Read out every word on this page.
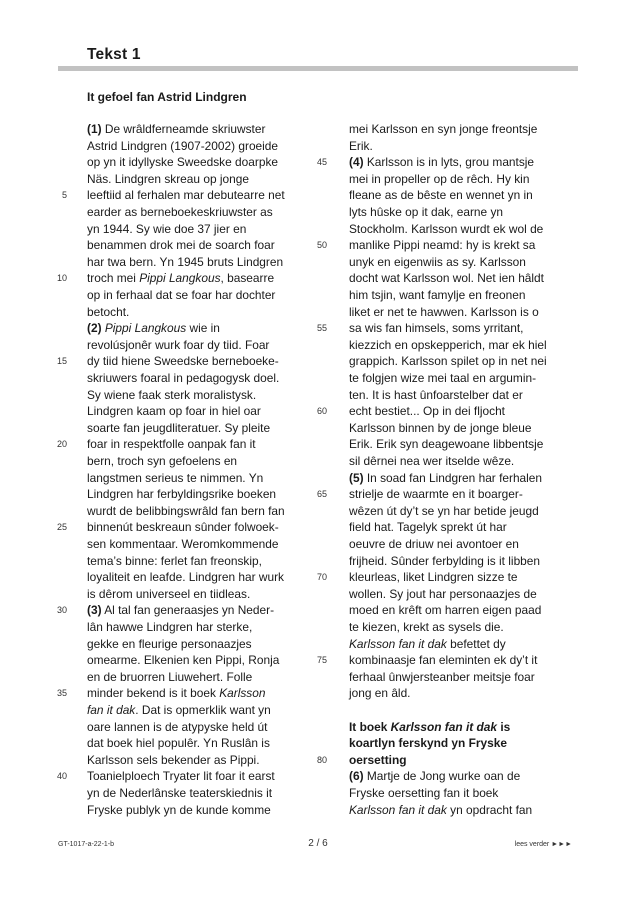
Tekst 1
It gefoel fan Astrid Lindgren
(1) De wrâldferneamde skriuwster
Astrid Lindgren (1907-2002) groeide
op yn it idyllyske Sweedske doarpke
Näs. Lindgren skreau op jonge
5 leeftiid al ferhalen mar debutearre net
earder as berneboekeskriuwster as
yn 1944. Sy wie doe 37 jier en
benammen drok mei de soarch foar
har twa bern. Yn 1945 bruts Lindgren
10 troch mei Pippi Langkous, basearre
op in ferhaal dat se foar har dochter
betocht.
(2) Pippi Langkous wie in
revolúsjonêr wurk foar dy tiid. Foar
15 dy tiid hiene Sweedske berneboeke-
skriuwers foaral in pedagogysk doel.
Sy wiene faak sterk moralistysk.
Lindgren kaam op foar in hiel oar
soarte fan jeugdliteratuer. Sy pleite
20 foar in respektfolle oanpak fan it
bern, troch syn gefoelens en
langstmen serieus te nimmen. Yn
Lindgren har ferbyldingsrike boeken
wurdt de belibbingswrâld fan bern fan
25 binnenút beskreaun sûnder folwoek-
sen kommentaar. Weromkommende
tema’s binne: ferlet fan freonskip,
loyaliteit en leafde. Lindgren har wurk
is dêrom universeel en tiidleas.
30 (3) Al tal fan generaasjes yn Neder-
lân hawwe Lindgren har sterke,
gekke en fleurige personaazjes
omearme. Elkenien ken Pippi, Ronja
en de bruorren Liuwehert. Folle
35 minder bekend is it boek Karlsson
fan it dak. Dat is opmerklik want yn
oare lannen is de atypyske held út
dat boek hiel populêr. Yn Ruslân is
Karlsson sels bekender as Pippi.
40 Toanielploech Tryater lit foar it earst
yn de Nederlânske teaterskiednis it
Fryske publyk yn de kunde komme
mei Karlsson en syn jonge freontsje
Erik.
45 (4) Karlsson is in lyts, grou mantsje
mei in propeller op de rêch. Hy kin
fleane as de bêste en wennet yn in
lyts hûske op it dak, earne yn
Stockholm. Karlsson wurdt ek wol de
50 manlike Pippi neamd: hy is krekt sa
unyk en eigenwiis as sy. Karlsson
docht wat Karlsson wol. Net ien hâldt
him tsjin, want famylje en freonen
liket er net te hawwen. Karlsson is o
55 sa wis fan himsels, soms yrritant,
kiezzich en opskepperich, mar ek hiel
grappich. Karlsson spilet op in net nei
te folgjen wize mei taal en argumin-
ten. It is hast ûnfoarstelber dat er
60 echt bestiet... Op in dei fljocht
Karlsson binnen by de jonge bleue
Erik. Erik syn deagewoane libbentsje
sil dêrnei nea wer itselde wêze.
(5) In soad fan Lindgren har ferhalen
65 strielje de waarmte en it boarger-
wêzen út dy’t se yn har betide jeugd
field hat. Tagelyk sprekt út har
oeuvre de driuw nei avontoer en
frijheid. Sûnder ferbylding is it libben
70 kleurleas, liket Lindgren sizze te
wollen. Sy jout har personaazjes de
moed en krêft om harren eigen paad
te kiezen, krekt as sysels die.
Karlsson fan it dak befettet dy
75 kombinaasje fan eleminten ek dy’t it
ferhaal ûnwjersteanber meitsje foar
jong en âld.
It boek Karlsson fan it dak is
koartlyn ferskynd yn Fryske
80 oersetting
(6) Martje de Jong wurke oan de
Fryske oersetting fan it boek
Karlsson fan it dak yn opdracht fan
GT-1017-a-22-1-b	2 / 6	lees verder ►►►
